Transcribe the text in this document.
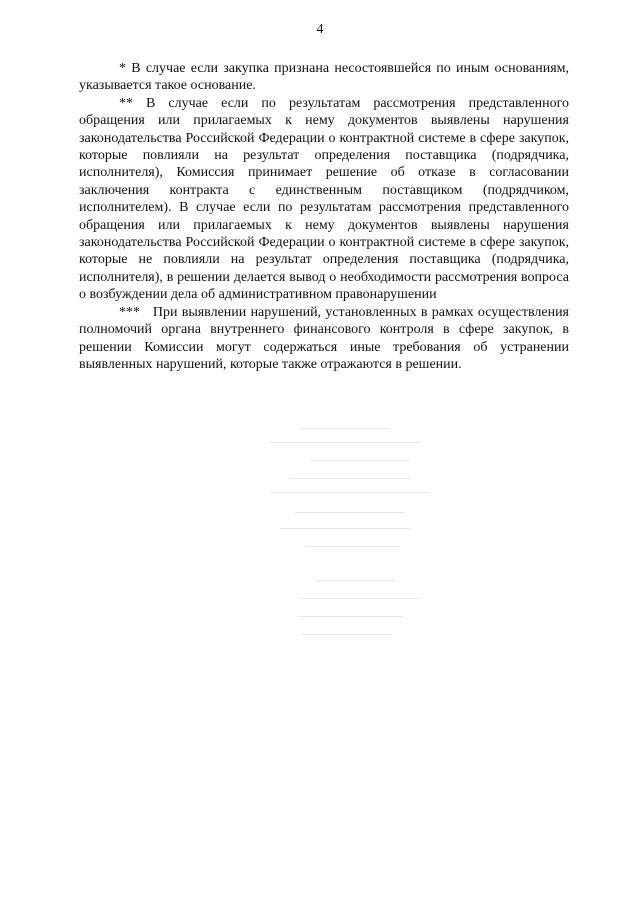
4

* В случае если закупка признана несостоявшейся по иным основаниям, указывается такое основание.

** В случае если по результатам рассмотрения представленного обращения или прилагаемых к нему документов выявлены нарушения законодательства Российской Федерации о контрактной системе в сфере закупок, которые повлияли на результат определения поставщика (подрядчика, исполнителя), Комиссия принимает решение об отказе в согласовании заключения контракта с единственным поставщиком (подрядчиком, исполнителем). В случае если по результатам рассмотрения представленного обращения или прилагаемых к нему документов выявлены нарушения законодательства Российской Федерации о контрактной системе в сфере закупок, которые не повлияли на результат определения поставщика (подрядчика, исполнителя), в решении делается вывод о необходимости рассмотрения вопроса о возбуждении дела об административном правонарушении

*** При выявлении нарушений, установленных в рамках осуществления полномочий органа внутреннего финансового контроля в сфере закупок, в решении Комиссии могут содержаться иные требования об устранении выявленных нарушений, которые также отражаются в решении.
